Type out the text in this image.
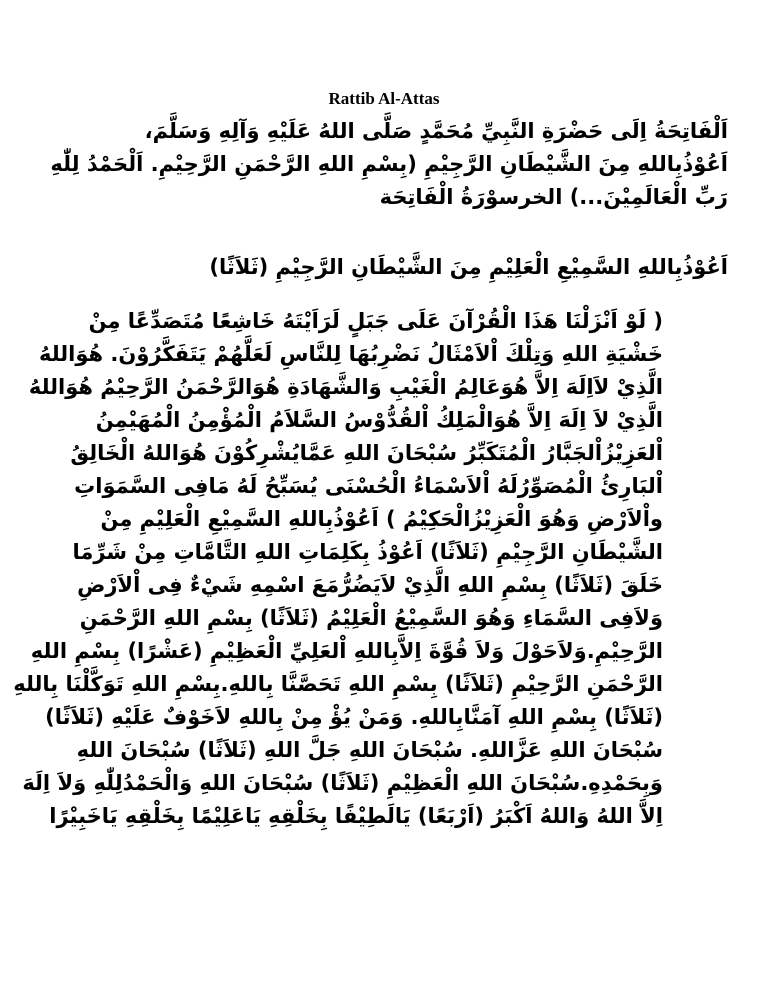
Rattib Al-Attas
اَلْفَاتِحَةُ اِلَى حَضْرَةِ النَّبِيِّ مُحَمَّدٍ صَلَّى اللهُ عَلَيْهِ وَآلِهِ وَسَلَّمَ،
اَعُوْذُبِاللهِ مِنَ الشَّيْطَانِ الرَّجِيْمِ (بِسْمِ اللهِ الرَّحْمَنِ الرَّحِيْمِ. اَلْحَمْدُ لِلّٰهِ
رَبِّ الْعَالَمِيْنَ...) الخرسوْرَةُ الْفَاتِحَة
اَعُوْذُبِاللهِ السَّمِيْعِ الْعَلِيْمِ مِنَ الشَّيْطَانِ الرَّجِيْمِ (ثَلاَثًا)
( لَوْ اَنْزَلْنَا هَذَا الْقُرْآنَ عَلَى جَبَلٍ لَرَاَيْتَهُ خَاشِعًا مُتَصَدِّعًا مِنْ
خَشْيَةِ اللهِ وَتِلْكَ اْلاَمْثَالُ نَضْرِبُهَا لِلنَّاسِ لَعَلَّهُمْ يَتَفَكَّرُوْنَ. هُوَاللهُ
الَّذِيْ لاَاِلَهَ اِلاَّ هُوَعَالِمُ الْغَيْبِ وَالشَّهَادَةِ هُوَالرَّحْمَنُ الرَّحِيْمُ هُوَاللهُ
الَّذِيْ لاَ اِلَهَ اِلاَّ هُوَالْمَلِكُ اْلقُدُّوْسُ السَّلاَمُ الْمُؤْمِنُ الْمُهَيْمِنُ
اْلعَزِيْزُاْلجَبَّارُ الْمُتَكَبِّرُ سُبْحَانَ اللهِ عَمَّايُشْرِكُوْنَ هُوَاللهُ الْخَالِقُ
اْلبَارِئُ الْمُصَوِّرُلَهُ اْلاَسْمَاءُ الْحُسْنَى يُسَبِّحُ لَهُ مَافِى السَّمَوَاتِ
واْلاَرْضِ وَهُوَ الْعَزِيْزُالْحَكِيْمُ ) اَعُوْذُبِاللهِ السَّمِيْعِ الْعَلِيْمِ مِنْ
الشَّيْطَانِ الرَّجِيْمِ (ثَلاَثًا) اَعُوْذُ بِكَلِمَاتِ اللهِ التَّامَّاتِ مِنْ شَرِّمَا
خَلَقَ (ثَلاَثًا) بِسْمِ اللهِ الَّذِيْ لاَيَضُرُّمَعَ اسْمِهِ شَيْءٌ فِى اْلاَرْضِ
وَلاَفِى السَّمَاءِ وَهُوَ السَّمِيْعُ الْعَلِيْمُ (ثَلاَثًا) بِسْمِ اللهِ الرَّحْمَنِ
الرَّحِيْمِ.وَلاَحَوْلَ وَلاَ قُوَّةَ اِلاَّبِاللهِ اْلعَلِيِّ الْعَظِيْمِ (عَشْرًا) بِسْمِ اللهِ
الرَّحْمَنِ الرَّحِيْمِ (ثَلاَثًا) بِسْمِ اللهِ تَحَصَّنَّا بِاللهِ.بِسْمِ اللهِ تَوَكَّلْنَا بِاللهِ
(ثَلاَثًا) بِسْمِ اللهِ آمَنَّابِاللهِ. وَمَنْ يُؤْ مِنْ بِاللهِ لاَخَوْفٌ عَلَيْهِ (ثَلاَثًا)
سُبْحَانَ اللهِ عَزَّاللهِ. سُبْحَانَ اللهِ جَلَّ اللهِ (ثَلاَثًا) سُبْحَانَ اللهِ
وَبِحَمْدِهِ.سُبْحَانَ اللهِ الْعَظِيْمِ (ثَلاَثًا) سُبْحَانَ اللهِ وَالْحَمْدُلِلّٰهِ وَلاَ اِلَهَ
اِلاَّ اللهُ وَاللهُ اَكْبَرُ (اَرْبَعًا) يَالَطِيْفًا بِخَلْقِهِ يَاعَلِيْمًا بِخَلْقِهِ يَاخَبِيْرًا
